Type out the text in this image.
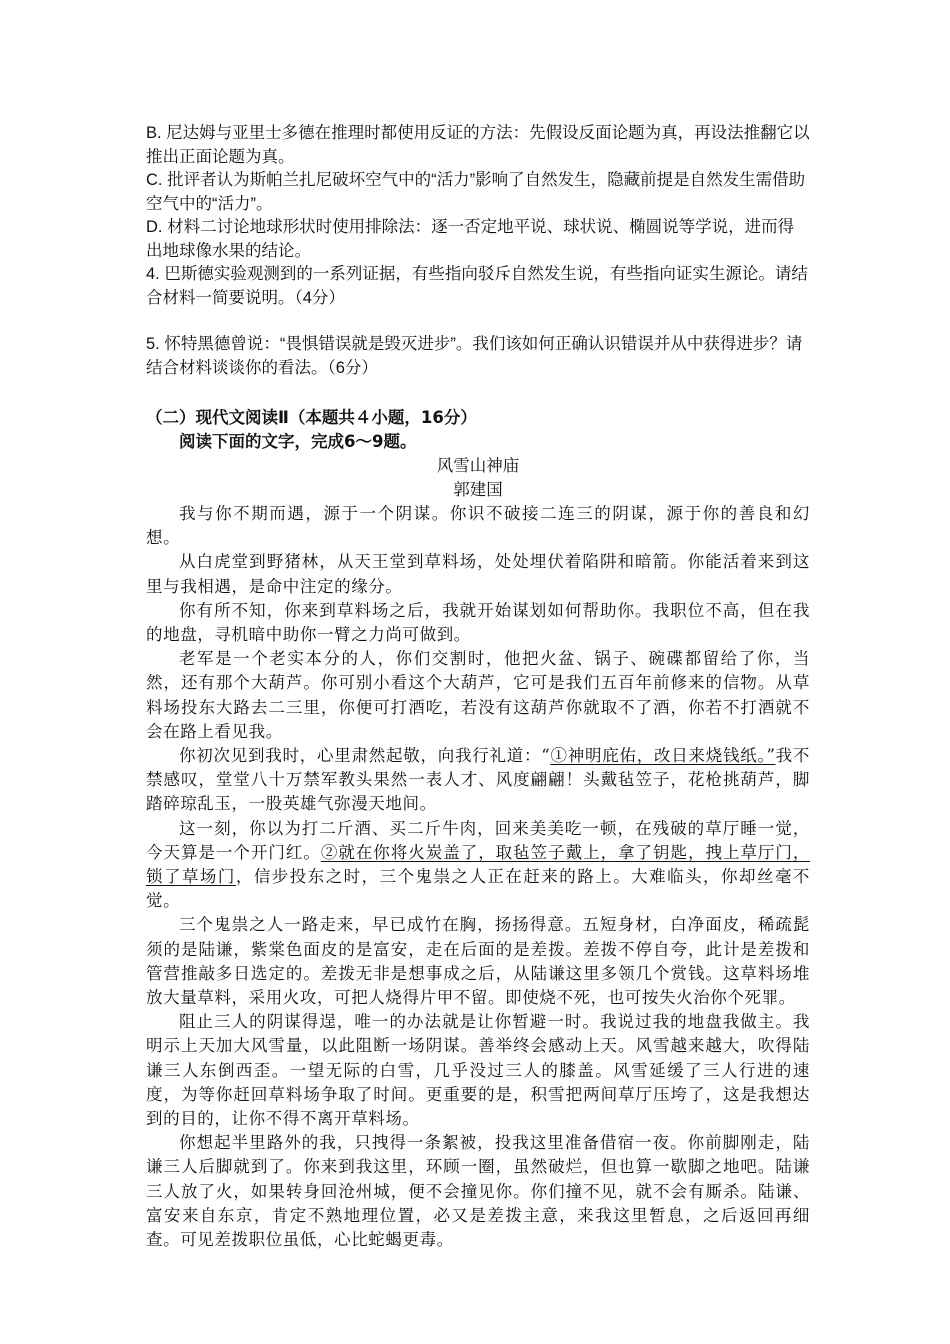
B. 尼达姆与亚里士多德在推理时都使用反证的方法：先假设反面论题为真，再设法推翻它以推出正面论题为真。

C. 批评者认为斯帕兰扎尼破坏空气中的“活力”影响了自然发生，隐藏前提是自然发生需借助空气中的“活力”。

D. 材料二讨论地球形状时使用排除法：逐一否定地平说、球状说、椭圆说等学说，进而得出地球像水果的结论。

4. 巴斯德实验观测到的一系列证据，有些指向驳斥自然发生说，有些指向证实生源论。请结合材料一简要说明。（4分）

5. 怀特黑德曾说：“畏惧错误就是毁灭进步”。我们该如何正确认识错误并从中获得进步？请结合材料谈谈你的看法。（6分）

（二）现代文阅读Ⅱ（本题共４小题，16分）

阅读下面的文字，完成6～9题。

风雪山神庙

郭建国

我与你不期而遇，源于一个阴谋。你识不破接二连三的阴谋，源于你的善良和幻想。

从白虎堂到野猪林，从天王堂到草料场，处处埋伏着陷阱和暗箭。你能活着来到这里与我相遇，是命中注定的缘分。

你有所不知，你来到草料场之后，我就开始谋划如何帮助你。我职位不高，但在我的地盘，寻机暗中助你一臂之力尚可做到。

老军是一个老实本分的人，你们交割时，他把火盆、锅子、碗碟都留给了你，当然，还有那个大葫芦。你可别小看这个大葫芦，它可是我们五百年前修来的信物。从草料场投东大路去二三里，你便可打酒吃，若没有这葫芦你就取不了酒，你若不打酒就不会在路上看见我。

你初次见到我时，心里肃然起敬，向我行礼道：“①神明庇佑，改日来烧钱纸。”我不禁感叹，堂堂八十万禁军教头果然一表人才、风度翩翩！头戴毡笠子，花枪挑葫芦，脚踏碎琼乱玉，一股英雄气弥漫天地间。

这一刻，你以为打二斤酒、买二斤牛肉，回来美美吃一顿，在残破的草厅睡一觉，今天算是一个开门红。②就在你将火炭盖了，取毡笠子戴上，拿了钥匙，拽上草厅门，锁了草场门，信步投东之时，三个鬼祟之人正在赶来的路上。大难临头，你却丝毫不觉。

三个鬼祟之人一路走来，早已成竹在胸，扬扬得意。五短身材，白净面皮，稀疏髭须的是陆谦，紫棠色面皮的是富安，走在后面的是差拨。差拨不停自夸，此计是差拨和管营推敲多日选定的。差拨无非是想事成之后，从陆谦这里多领几个赏钱。这草料场堆放大量草料，采用火攻，可把人烧得片甲不留。即使烧不死，也可按失火治你个死罪。

阻止三人的阴谋得逞，唯一的办法就是让你暂避一时。我说过我的地盘我做主。我明示上天加大风雪量，以此阻断一场阴谋。善举终会感动上天。风雪越来越大，吹得陆谦三人东倒西歪。一望无际的白雪，几乎没过三人的膝盖。风雪延缓了三人行进的速度，为等你赶回草料场争取了时间。更重要的是，积雪把两间草厅压垮了，这是我想达到的目的，让你不得不离开草料场。

你想起半里路外的我，只拽得一条絮被，投我这里准备借宿一夜。你前脚刚走，陆谦三人后脚就到了。你来到我这里，环顾一圈，虽然破烂，但也算一歇脚之地吧。陆谦三人放了火，如果转身回沧州城，便不会撞见你。你们撞不见，就不会有厮杀。陆谦、富安来自东京，肯定不熟地理位置，必又是差拨主意，来我这里暂息，之后返回再细查。可见差拨职位虽低，心比蛇蝎更毒。
